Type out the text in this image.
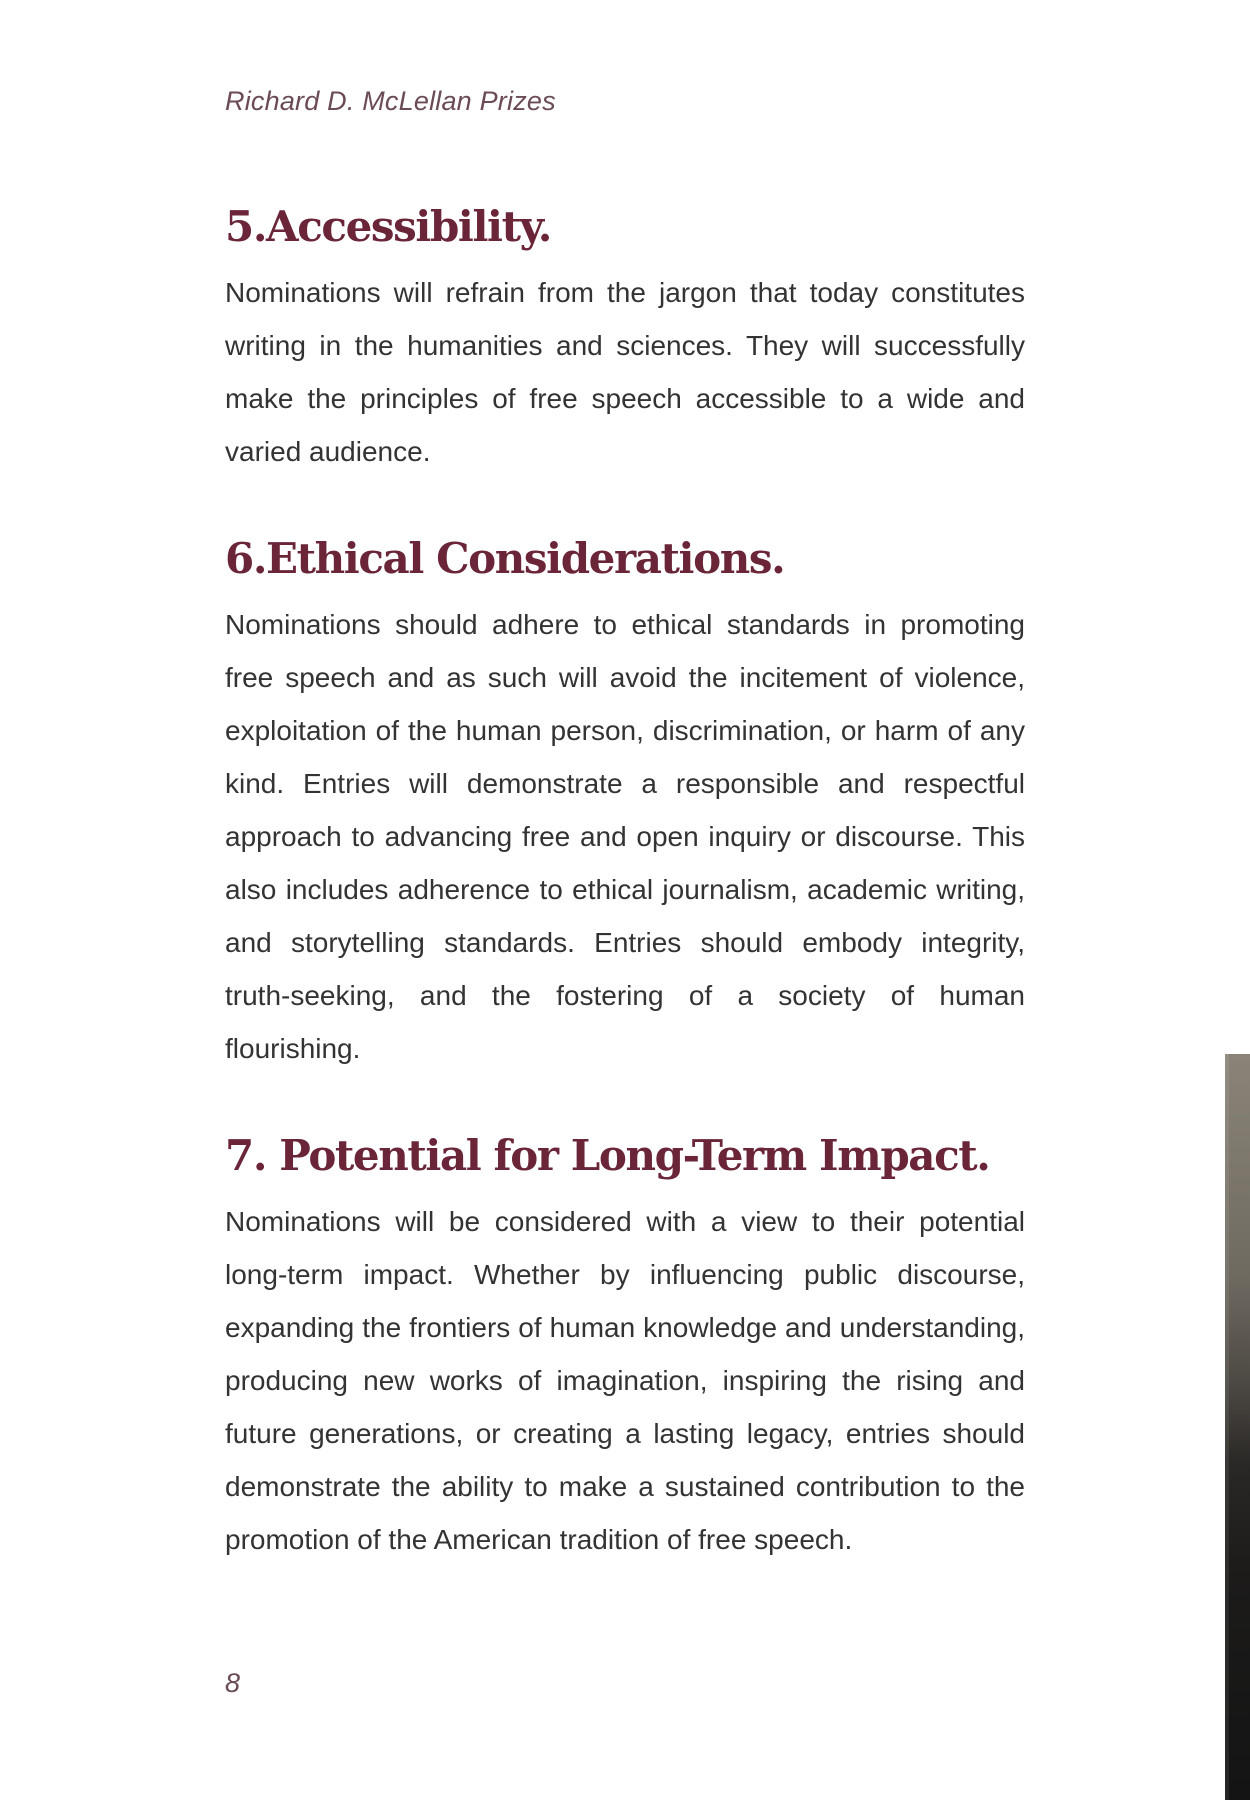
Richard D. McLellan Prizes
5.Accessibility.

Nominations will refrain from the jargon that today constitutes writing in the humanities and sciences. They will successfully make the principles of free speech accessible to a wide and varied audience.

6.Ethical Considerations.

Nominations should adhere to ethical standards in promoting free speech and as such will avoid the incitement of violence, exploitation of the human person, discrimination, or harm of any kind. Entries will demonstrate a responsible and respectful approach to advancing free and open inquiry or discourse. This also includes adherence to ethical journalism, academic writing, and storytelling standards. Entries should embody integrity, truth-seeking, and the fostering of a society of human flourishing.

7. Potential for Long-Term Impact.

Nominations will be considered with a view to their potential long-term impact. Whether by influencing public discourse, expanding the frontiers of human knowledge and understanding, producing new works of imagination, inspiring the rising and future generations, or creating a lasting legacy, entries should demonstrate the ability to make a sustained contribution to the promotion of the American tradition of free speech.

8
